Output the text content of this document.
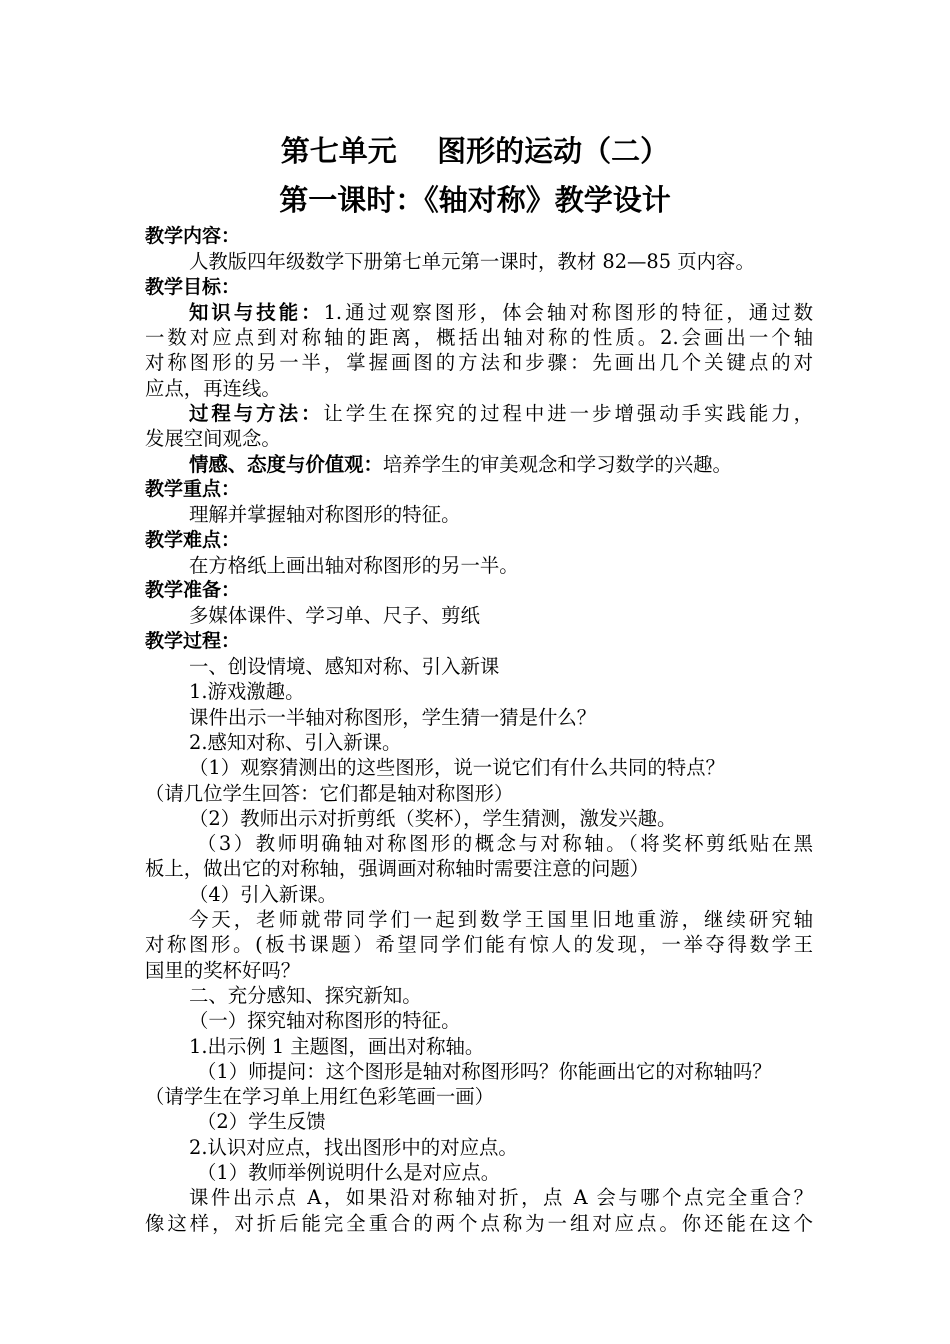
第七单元    图形的运动（二）
第一课时：《轴对称》教学设计
教学内容：
人教版四年级数学下册第七单元第一课时，教材 82—85 页内容。
教学目标：
知识与技能：1.通过观察图形，体会轴对称图形的特征，通过数
一数对应点到对称轴的距离，概括出轴对称的性质。2.会画出一个轴
对称图形的另一半，掌握画图的方法和步骤：先画出几个关键点的对
应点，再连线。
过程与方法：让学生在探究的过程中进一步增强动手实践能力，
发展空间观念。
情感、态度与价值观：培养学生的审美观念和学习数学的兴趣。
教学重点：
理解并掌握轴对称图形的特征。
教学难点：
在方格纸上画出轴对称图形的另一半。
教学准备：
多媒体课件、学习单、尺子、剪纸
教学过程：
一、创设情境、感知对称、引入新课
1.游戏激趣。
课件出示一半轴对称图形，学生猜一猜是什么？
2.感知对称、引入新课。
（1）观察猜测出的这些图形，说一说它们有什么共同的特点？
（请几位学生回答：它们都是轴对称图形）
（2）教师出示对折剪纸（奖杯），学生猜测，激发兴趣。
（3）教师明确轴对称图形的概念与对称轴。（将奖杯剪纸贴在黑
板上，做出它的对称轴，强调画对称轴时需要注意的问题）
（4）引入新课。
今天，老师就带同学们一起到数学王国里旧地重游，继续研究轴
对称图形。(板书课题）希望同学们能有惊人的发现，一举夺得数学王
国里的奖杯好吗？
二、充分感知、探究新知。
（一）探究轴对称图形的特征。
1.出示例 1 主题图，画出对称轴。
（1）师提问：这个图形是轴对称图形吗？你能画出它的对称轴吗？
（请学生在学习单上用红色彩笔画一画）
（2）学生反馈
2.认识对应点，找出图形中的对应点。
（1）教师举例说明什么是对应点。
课件出示点 A，如果沿对称轴对折，点 A 会与哪个点完全重合？
像这样，对折后能完全重合的两个点称为一组对应点。你还能在这个
